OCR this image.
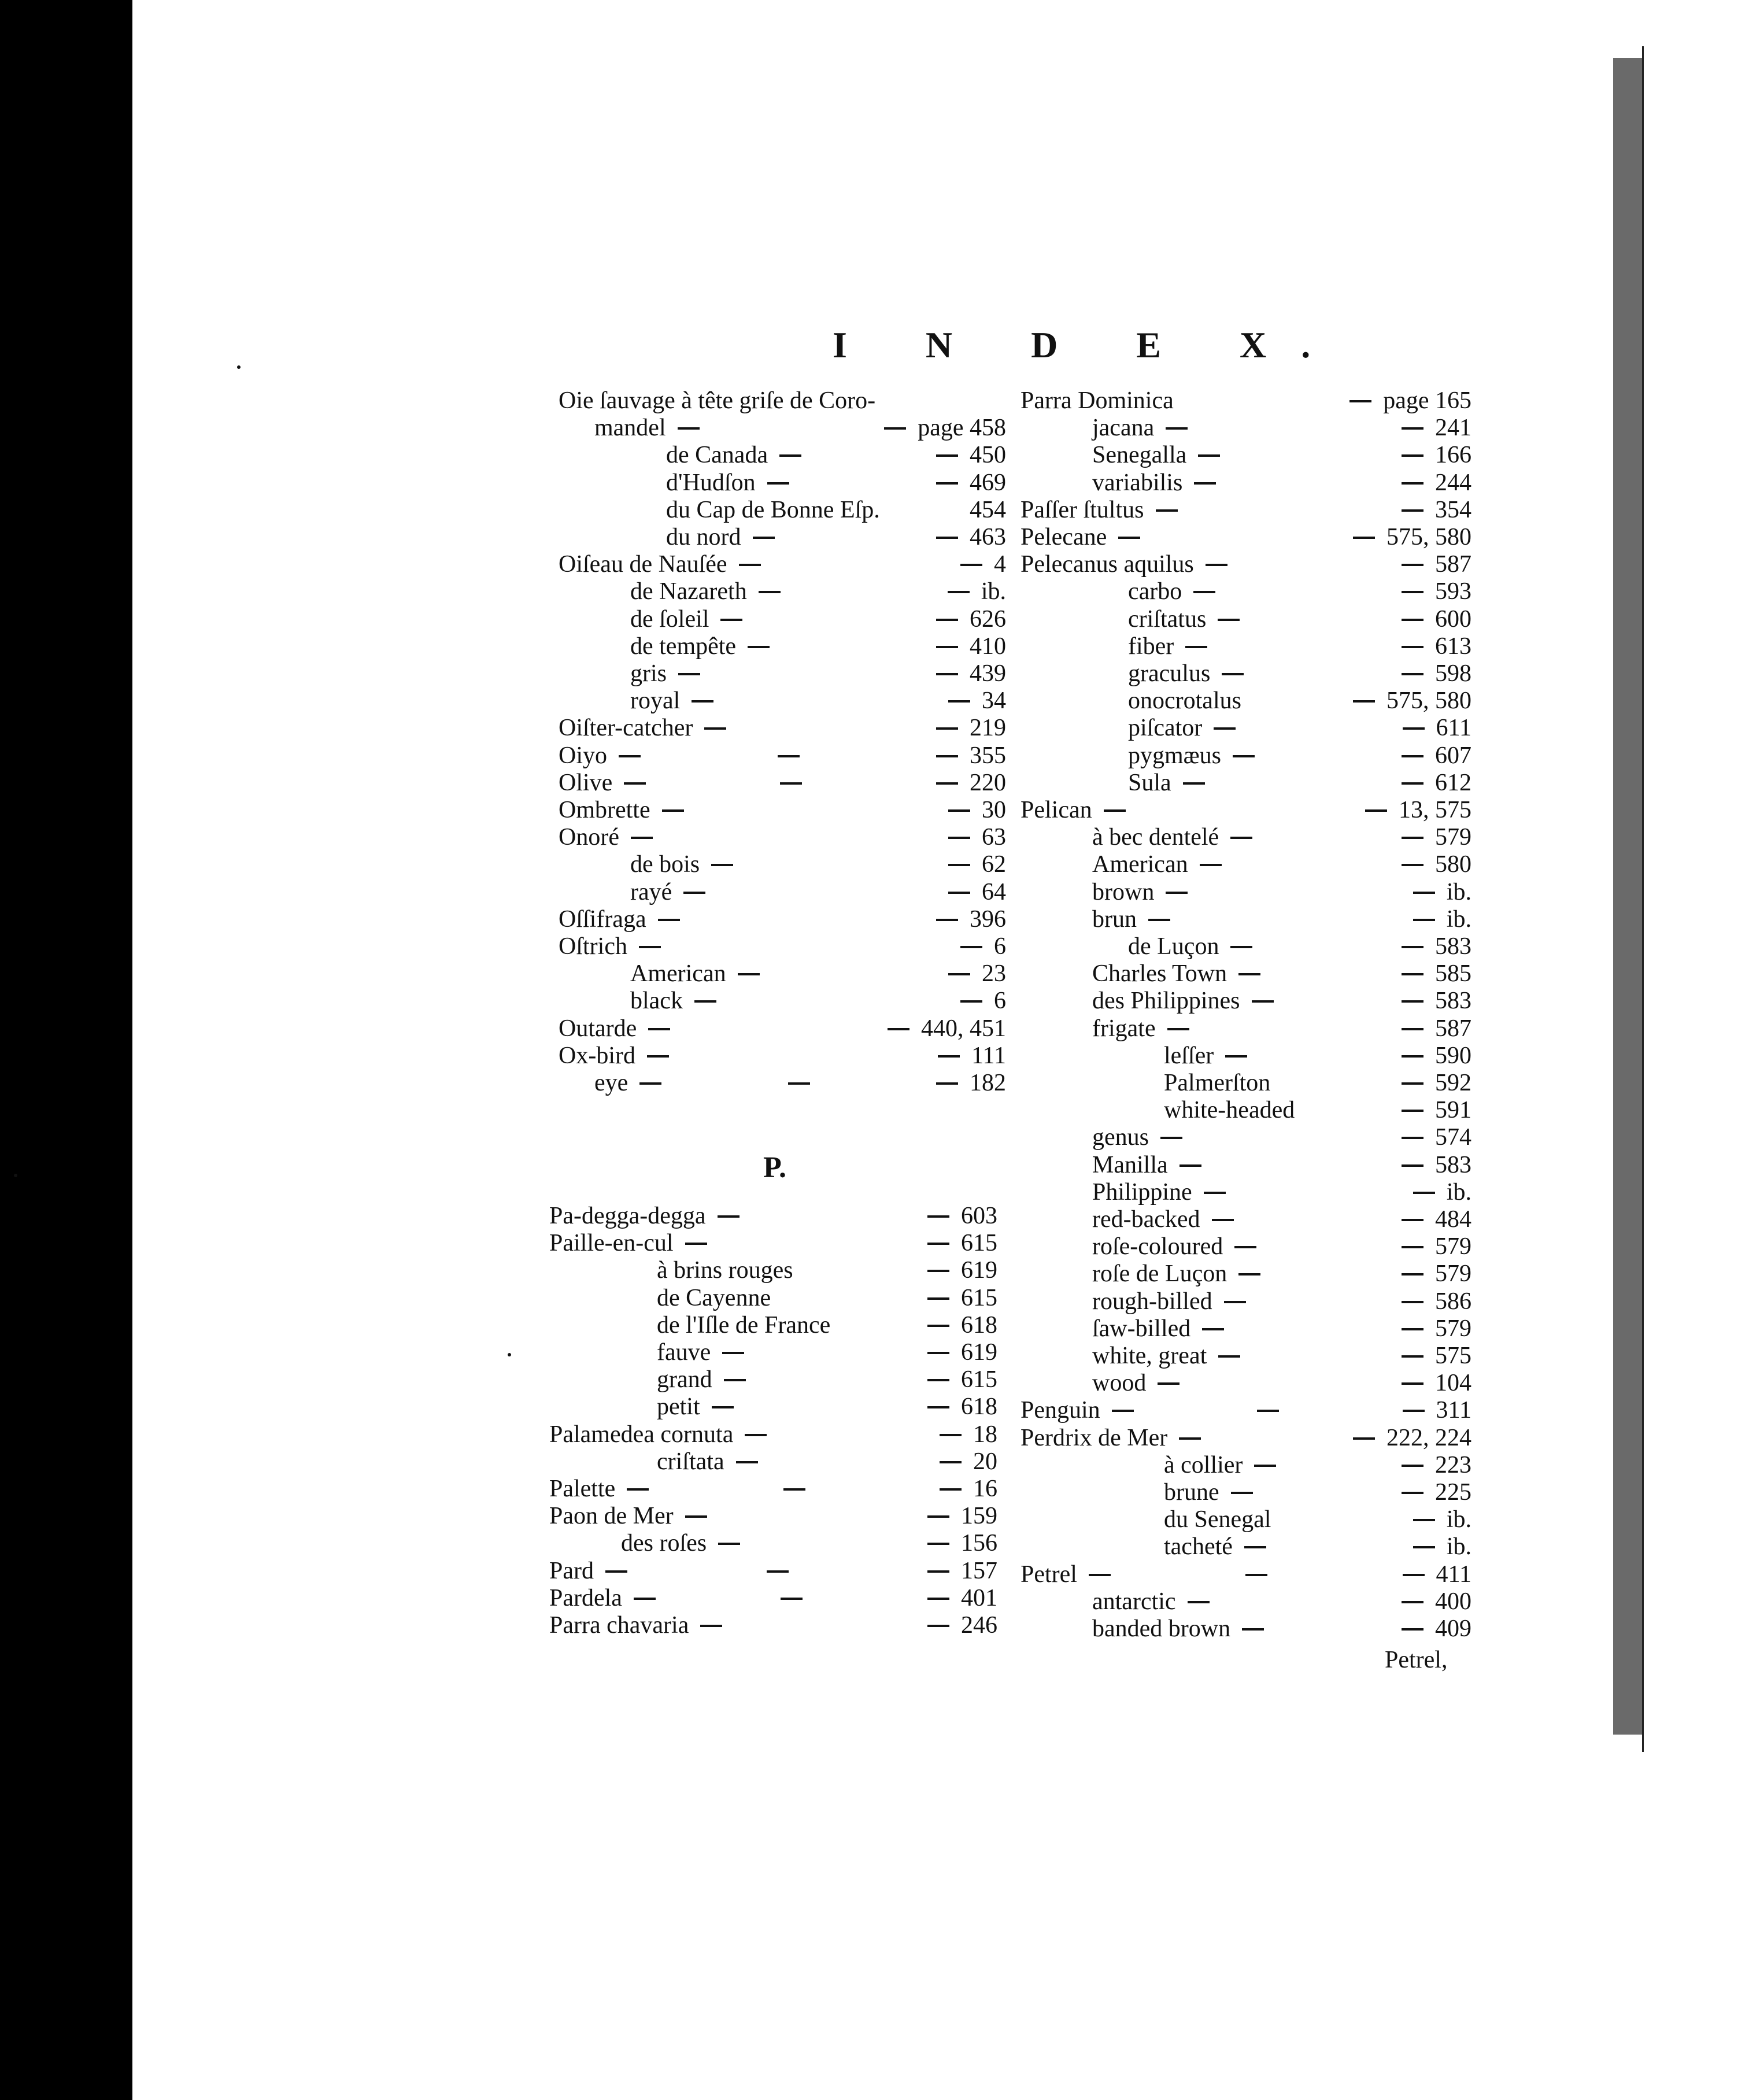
I N D E X.
P.
Oie ſauvage à tête griſe de Coro-
mandel	page 458
de Canada	450
d'Hudſon	469
du Cap de Bonne Eſp.	454
du nord	463
Oiſeau de Nauſée	4
de Nazareth	ib.
de ſoleil	626
de tempête	410
gris	439
royal	34
Oiſter-catcher	219
Oiyo	355
Olive	220
Ombrette	30
Onoré	63
de bois	62
rayé	64
Oſſifraga	396
Oſtrich	6
American	23
black	6
Outarde	440, 451
Ox-bird	111
eye	182
Pa-degga-degga	603
Paille-en-cul	615
à brins rouges	619
de Cayenne	615
de l'Iſle de France	618
fauve	619
grand	615
petit	618
Palamedea cornuta	18
criſtata	20
Palette	16
Paon de Mer	159
des roſes	156
Pard	157
Pardela	401
Parra chavaria	246
Parra Dominica	page 165
jacana	241
Senegalla	166
variabilis	244
Paſſer ſtultus	354
Pelecane	575, 580
Pelecanus aquilus	587
carbo	593
criſtatus	600
fiber	613
graculus	598
onocrotalus	575, 580
piſcator	611
pygmæus	607
Sula	612
Pelican	13, 575
à bec dentelé	579
American	580
brown	ib.
brun	ib.
de Luçon	583
Charles Town	585
des Philippines	583
frigate	587
leſſer	590
Palmerſton	592
white-headed	591
genus	574
Manilla	583
Philippine	ib.
red-backed	484
roſe-coloured	579
roſe de Luçon	579
rough-billed	586
ſaw-billed	579
white, great	575
wood	104
Penguin	311
Perdrix de Mer	222, 224
à collier	223
brune	225
du Senegal	ib.
tacheté	ib.
Petrel	411
antarctic	400
banded brown	409
Petrel,
